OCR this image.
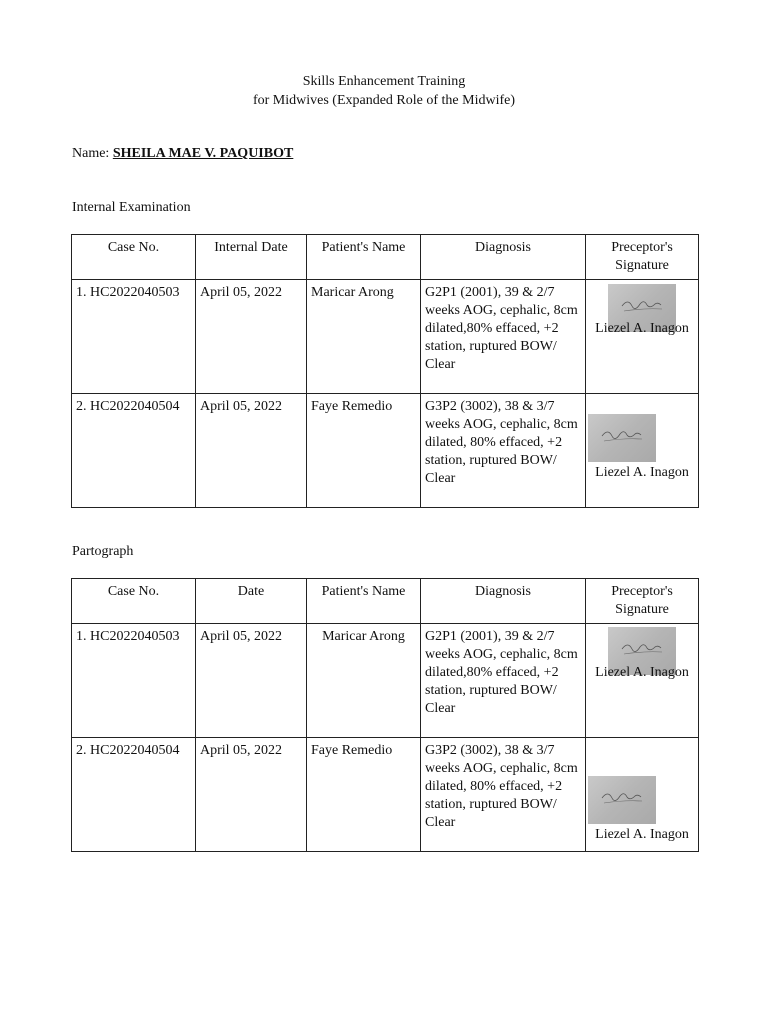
Skills Enhancement Training
for Midwives (Expanded Role of the Midwife)
Name: SHEILA MAE V. PAQUIBOT
Internal Examination
Case No.	Internal Date	Patient's Name	Diagnosis	Preceptor's Signature
1. HC2022040503	April 05, 2022	Maricar Arong	G2P1 (2001), 39 & 2/7 weeks AOG, cephalic, 8cm dilated,80% effaced, +2 station, ruptured BOW/ Clear	Liezel A. Inagon

2. HC2022040504	April 05, 2022	Faye Remedio	G3P2 (3002), 38 & 3/7 weeks AOG, cephalic, 8cm dilated, 80% effaced, +2 station, ruptured BOW/ Clear	Liezel A. Inagon
Partograph
Case No.	Date	Patient's Name	Diagnosis	Preceptor's Signature
1. HC2022040503	April 05, 2022	Maricar Arong	G2P1 (2001), 39 & 2/7 weeks AOG, cephalic, 8cm dilated,80% effaced, +2 station, ruptured BOW/ Clear	Liezel A. Inagon

2. HC2022040504	April 05, 2022	Faye Remedio	G3P2 (3002), 38 & 3/7 weeks AOG, cephalic, 8cm dilated, 80% effaced, +2 station, ruptured BOW/ Clear	Liezel A. Inagon
